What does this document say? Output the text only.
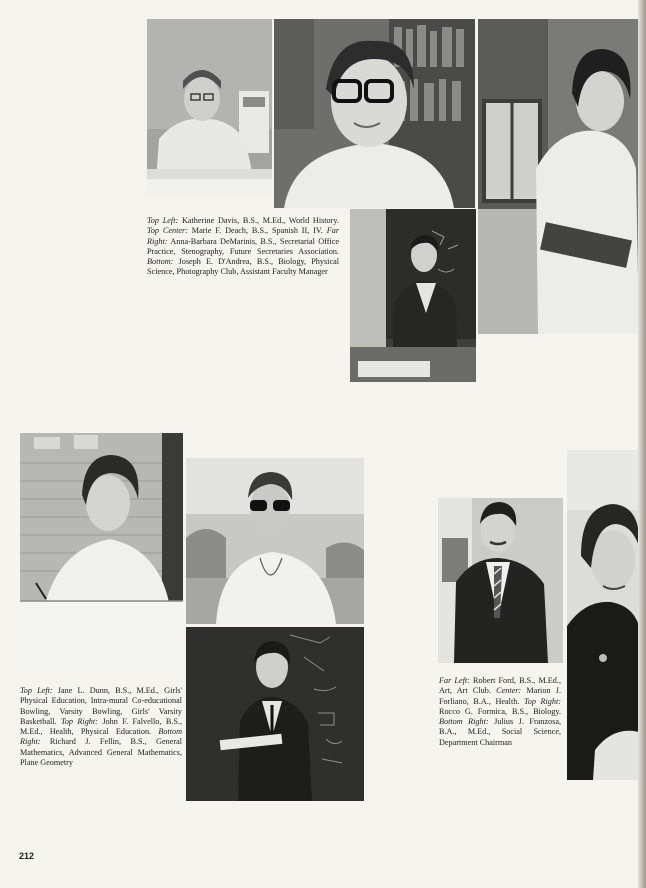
Top Left: Katherine Davis, B.S., M.Ed., World History. Top Center: Marie F. Deach, B.S., Spanish II, IV. Far Right: Anna-Barbara DeMarinis, B.S., Secretarial Office Practice, Stenography, Future Secretaries Association. Bottom: Joseph E. D'Andrea, B.S., Biology, Physical Science, Photography Club, Assistant Faculty Manager
Top Left: Jane L. Dunn, B.S., M.Ed., Girls' Physical Education, Intra-mural Co-educational Bowling, Varsity Bowling, Girls' Varsity Basketball. Top Right: John F. Falvello, B.S., M.Ed., Health, Physical Education. Bottom Right: Richard J. Fellin, B.S., General Mathematics, Advanced General Mathematics, Plane Geometry
Far Left: Robert Ford, B.S., M.Ed., Art, Art Club. Center: Marion J. Forliano, B.A., Health. Top Right: Rocco G. Formica, B.S., Biology. Bottom Right: Julius J. Franzosa, B.A., M.Ed., Social Science, Department Chairman
212
